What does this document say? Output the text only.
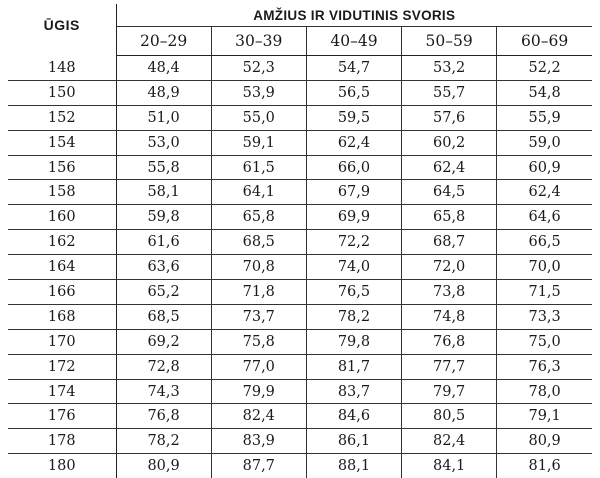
ŪGIS	AMŽIUS IR VIDUTINIS SVORIS				
	20–29	30–39	40–49	50–59	60–69
148	48,4	52,3	54,7	53,2	52,2
150	48,9	53,9	56,5	55,7	54,8
152	51,0	55,0	59,5	57,6	55,9
154	53,0	59,1	62,4	60,2	59,0
156	55,8	61,5	66,0	62,4	60,9
158	58,1	64,1	67,9	64,5	62,4
160	59,8	65,8	69,9	65,8	64,6
162	61,6	68,5	72,2	68,7	66,5
164	63,6	70,8	74,0	72,0	70,0
166	65,2	71,8	76,5	73,8	71,5
168	68,5	73,7	78,2	74,8	73,3
170	69,2	75,8	79,8	76,8	75,0
172	72,8	77,0	81,7	77,7	76,3
174	74,3	79,9	83,7	79,7	78,0
176	76,8	82,4	84,6	80,5	79,1
178	78,2	83,9	86,1	82,4	80,9
180	80,9	87,7	88,1	84,1	81,6
